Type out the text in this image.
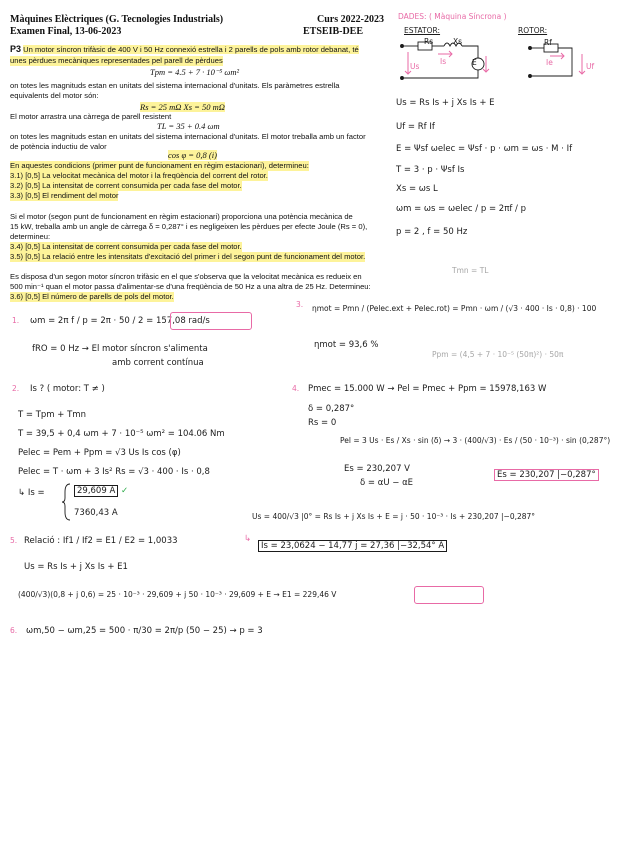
Màquines Elèctriques (G. Tecnologies Industrials)
Examen Final, 13-06-2023
Curs 2022-2023
ETSEIB-DEE
P3 Un motor síncron trifàsic de 400 V i 50 Hz connexió estrella i 2 parells de pols amb rotor debanat, té
unes pèrdues mecàniques representades pel parell de pèrdues
Tpm = 4.5 + 7 · 10⁻⁵ ωm²
on totes les magnituds estan en unitats del sistema internacional d'unitats. Els paràmetres estrella
equivalents del motor són:
Rs = 25 mΩ Xs = 50 mΩ
El motor arrastra una càrrega de parell resistent
TL = 35 + 0.4 ωm
on totes les magnituds estan en unitats del sistema internacional d'unitats. El motor treballa amb un factor
de potència inductiu de valor
cos φ = 0,8 (i)
En aquestes condicions (primer punt de funcionament en règim estacionari), determineu:
3.1) [0,5] La velocitat mecànica del motor i la freqüència del corrent del rotor.
3.2) [0,5] La intensitat de corrent consumida per cada fase del motor.
3.3) [0,5] El rendiment del motor
Si el motor (segon punt de funcionament en règim estacionari) proporciona una potència mecànica de
15 kW, treballa amb un angle de càrrega δ = 0,287° i es negligeixen les pèrdues per efecte Joule (Rs = 0),
determineu:
3.4) [0,5] La intensitat de corrent consumida per cada fase del motor.
3.5) [0,5] La relació entre les intensitats d'excitació del primer i del segon punt de funcionament del motor.
Es disposa d'un segon motor síncron trifàsic en el que s'observa que la velocitat mecànica es redueix en
500 min⁻¹ quan el motor passa d'alimentar-se d'una freqüència de 50 Hz a una altra de 25 Hz. Determineu:
3.6) [0,5] El número de parells de pols del motor.
DADES: ( Màquina Síncrona )
ESTATOR:	ROTOR:
Rs	Xs
Us
Is	E
Rf
Ie	Uf
Us = Rs Is + j Xs Is + E
Uf = Rf If
E = Ψsf ωelec = Ψsf · p · ωm = ωs · M · If
T = 3 · p · Ψsf Is
Xs = ωs L
ωm = ωs = ωelec / p = 2πf / p
p = 2 , f = 50 Hz
1. ωm = 2π f / p = 2π · 50 / 2 = 157,08 rad/s
fRO = 0 Hz → El motor síncron s'alimenta
amb corrent contínua
3.
Tmn = TL
ηmot = Pmn / (Pelec.ext + Pelec.rot) = Pmn · ωm / (√3 · 400 · Is · 0,8) · 100
ηmot = 93,6 %
Ppm = (4,5 + 7 · 10⁻⁵ (50π)²) · 50π
2. Is ? ( motor: T ≠ )
T = Tpm + Tmn
T = 39,5 + 0,4 ωm + 7 · 10⁻⁵ ωm² = 104.06 Nm
Pelec = Pem + Ppm = √3 Us Is cos (φ)
Pelec = T · ωm + 3 Is² Rs = √3 · 400 · Is · 0,8
↳ Is =	29,609 A ✓
7360,43 A
4. Pmec = 15.000 W → Pel = Pmec + Ppm = 15978,163 W
δ = 0,287°
Rs = 0
Pel = 3 Us · Es / Xs · sin (δ) → 3 · (400/√3) · Es / (50 · 10⁻³) · sin (0,287°)
Es = 230,207 V
δ = αU − αE
Es = 230,207 |−0,287°
Us = 400/√3 |0° = Rs Is + j Xs Is + E = j · 50 · 10⁻³ · Is + 230,207 |−0,287°
↳
Is = 23,0624 − 14,77 j = 27,36 |−32,54° A
5. Relació : If1 / If2 = E1 / E2 = 1,0033
Us = Rs Is + j Xs Is + E1
(400/√3)(0,8 + j 0,6) = 25 · 10⁻³ · 29,609 + j 50 · 10⁻³ · 29,609 + E → E1 = 229,46 V
6. ωm,50 − ωm,25 = 500 · π/30 = 2π/p (50 − 25) → p = 3
